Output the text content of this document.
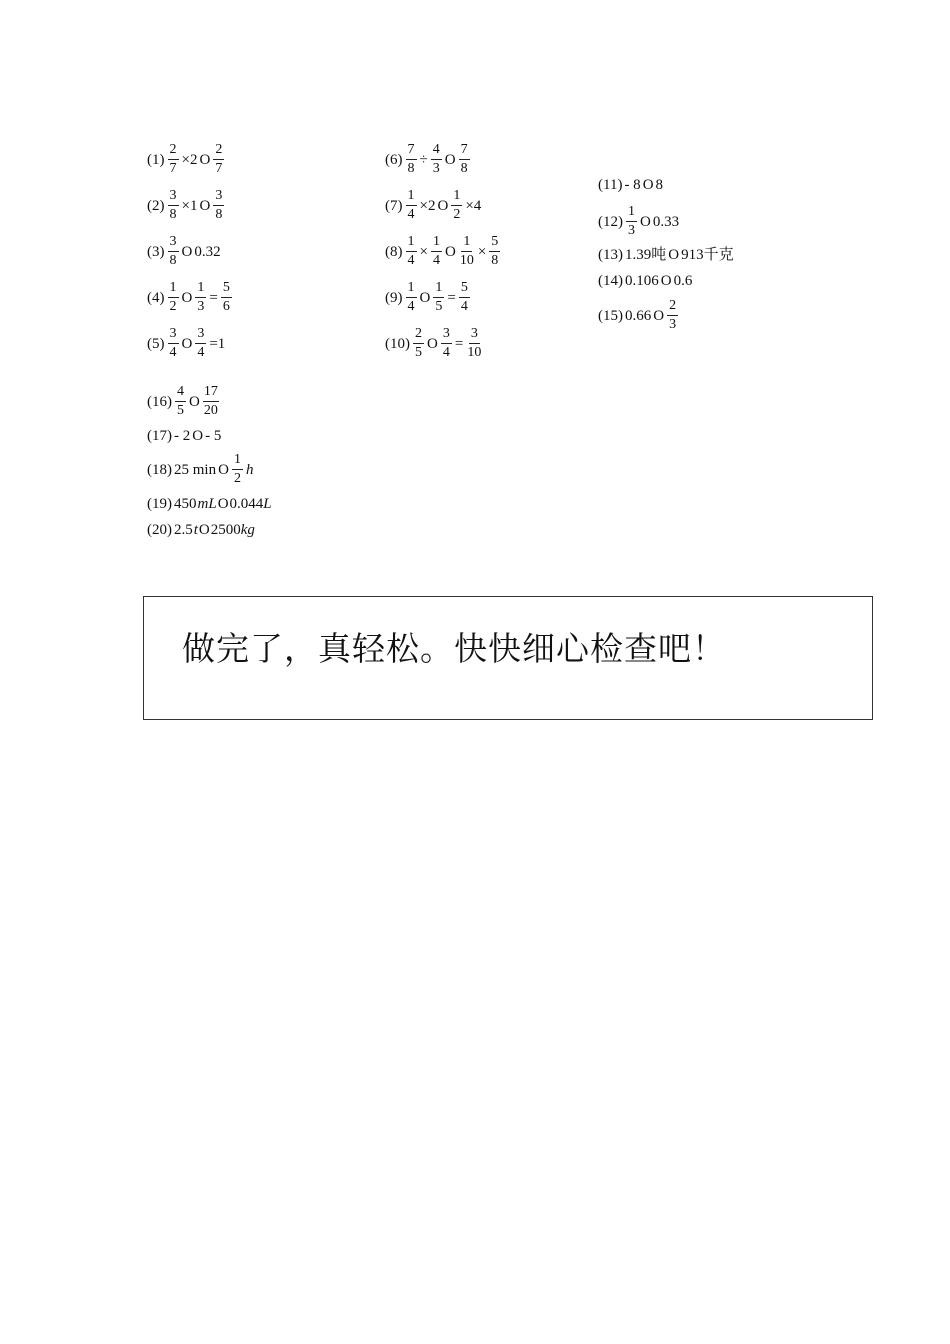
$(1) \frac{2}{7} \times 2$ O $\frac{2}{7}$
$(2) \frac{3}{8} \times 1$ O $\frac{3}{8}$
$(3) \frac{3}{8}$ O 0.32
$(4) \frac{1}{2}$ O $\frac{1}{3} = \frac{5}{6}$
$(5) \frac{3}{4}$ O $\frac{3}{4} =1$
$(6) \frac{7}{8} \div \frac{4}{3}$ O $\frac{7}{8}$
$(7) \frac{1}{4} \times 2$ O $\frac{1}{2} \times 4$
$(8) \frac{1}{4} \times \frac{1}{4}$ O $\frac{1}{10} \times \frac{5}{8}$
$(9) \frac{1}{4}$ O $\frac{1}{5} = \frac{5}{4}$
$(10) \frac{2}{5}$ O $\frac{3}{4} = \frac{3}{10}$
(11) - 8 O 8
$(12) \frac{1}{3}$ O 0.33
(13) 1.39吨 O 913千克
(14) 0.106 O 0.6
(15) 0.66 O $\frac{2}{3}$
$(16) \frac{4}{5}$ O $\frac{17}{20}$
(17) - 2 O - 5
(18) 25 min O $\frac{1}{2}$ h
(19) 450 mL O 0.044 L
(20) 2.5 t O 2500 kg
做完了，真轻松。快快细心检查吧！
